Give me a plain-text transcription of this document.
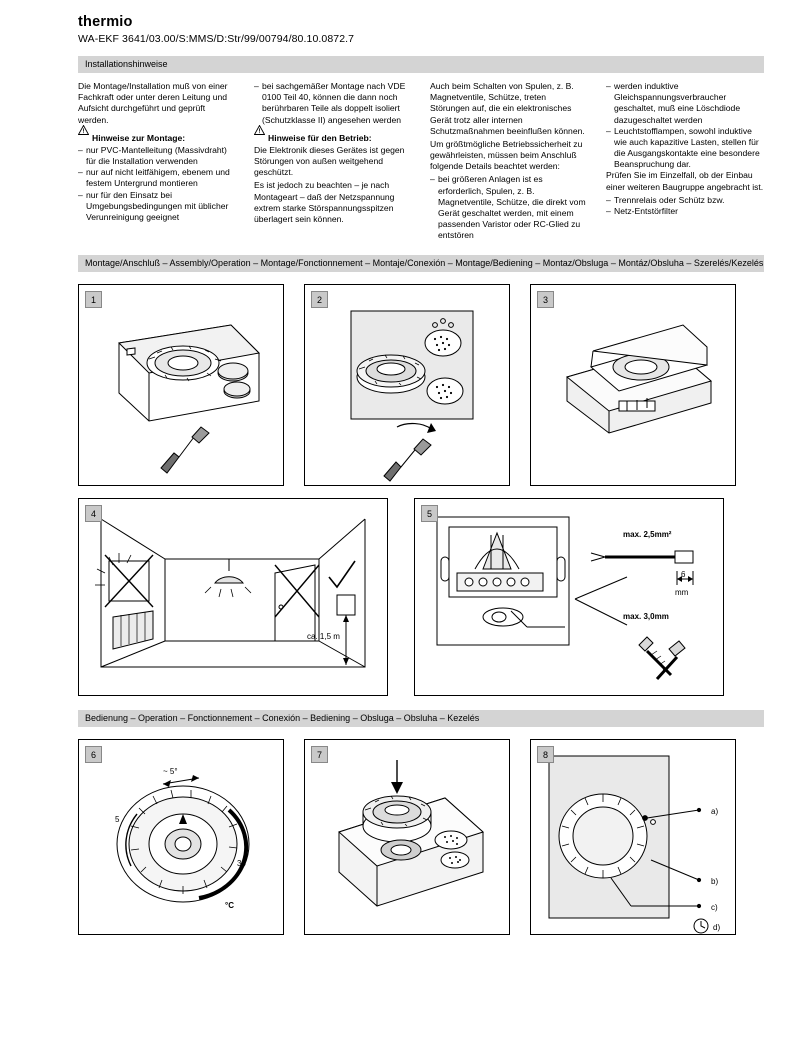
thermio
WA-EKF 3641/03.00/S:MMS/D:Str/99/00794/80.10.0872.7
Installationshinweise

Die Montage/Installation muß von einer Fachkraft oder unter deren Leitung und Aufsicht durchgeführt und geprüft werden.

Hinweise zur Montage:
– nur PVC-Mantelleitung (Massivdraht) für die Installation verwenden
– nur auf nicht leitfähigem, ebenem und festem Untergrund montieren
– nur für den Einsatz bei Umgebungsbedingungen mit üblicher Verunreinigung geeignet
– bei sachgemäßer Montage nach VDE 0100 Teil 40, können die dann noch berührbaren Teile als doppelt isoliert (Schutzklasse II) angesehen werden
Hinweise für den Betrieb:

Die Elektronik dieses Gerätes ist gegen Störungen von außen weitgehend geschützt.

Es ist jedoch zu beachten – je nach Montageart – daß der Netzspannung extrem starke Störspannungsspitzen überlagert sein können.

Auch beim Schalten von Spulen, z. B. Magnetventile, Schütze, treten Störungen auf, die ein elektronisches Gerät trotz aller internen Schutzmaßnahmen beeinflußen können.

Um größtmögliche Betriebssicherheit zu gewährleisten, müssen beim Anschluß folgende Details beachtet werden:

– bei größeren Anlagen ist es erforderlich, Spulen, z. B. Magnetventile, Schütze, die direkt vom Gerät geschaltet werden, mit einem passenden Varistor oder RC-Glied zu entstören
– werden induktive Gleichspannungsverbraucher geschaltet, muß eine Löschdiode dazugeschaltet werden
– Leuchtstofflampen, sowohl induktive wie auch kapazitive Lasten, stellen für die Ausgangskontakte eine besondere Beanspruchung dar.

Prüfen Sie im Einzelfall, ob der Einbau einer weiteren Baugruppe angebracht ist.

– Trennrelais oder Schütz bzw.
– Netz-Entstörfilter
Montage/Anschluß – Assembly/Operation – Montage/Fonctionnement – Montaje/Conexión – Montage/Bediening – Montaz/Obsluga – Montáz/Obsluha – Szerelés/Kezelés
1	2	3
4
ca. 1,5 m
5
max. 2,5mm²
6
mm
max. 3,0mm
Bedienung – Operation – Fonctionnement – Conexión – Bediening – Obsluga – Obsluha – Kezelés
6
~ 5°
5
30
°C
7	8
a)
b)
c)
d)
